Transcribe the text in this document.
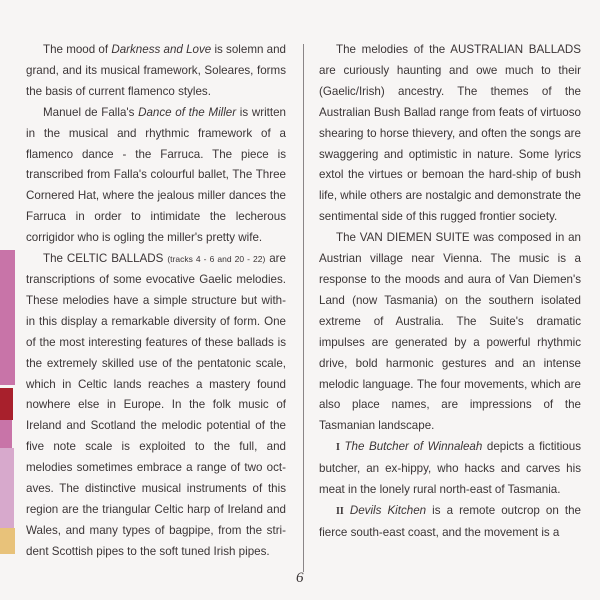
The mood of Darkness and Love is solemn and grand, and its musical framework, Soleares, forms the basis of current flamenco styles.

Manuel de Falla's Dance of the Miller is written in the musical and rhythmic framework of a flamenco dance - the Farruca. The piece is transcribed from Falla's colourful ballet, The Three Cornered Hat, where the jealous miller dances the Farruca in order to intimidate the lecherous corrigidor who is ogling the miller's pretty wife.

The CELTIC BALLADS (tracks 4 - 6 and 20 - 22) are transcriptions of some evocative Gaelic melodies. These melodies have a simple structure but with-in this display a remarkable diversity of form. One of the most interesting features of these ballads is the extremely skilled use of the pentatonic scale, which in Celtic lands reaches a mastery found nowhere else in Europe. In the folk music of Ireland and Scotland the melodic potential of the five note scale is exploited to the full, and melodies sometimes embrace a range of two oct-aves. The distinctive musical instruments of this region are the triangular Celtic harp of Ireland and Wales, and many types of bagpipe, from the stri-dent Scottish pipes to the soft tuned Irish pipes.

The melodies of the AUSTRALIAN BALLADS are curiously haunting and owe much to their (Gaelic/Irish) ancestry. The themes of the Australian Bush Ballad range from feats of virtuoso shearing to horse thievery, and often the songs are swaggering and optimistic in nature. Some lyrics extol the virtues or bemoan the hard-ship of bush life, while others are nostalgic and demonstrate the sentimental side of this rugged frontier society.

The VAN DIEMEN SUITE was composed in an Austrian village near Vienna. The music is a response to the moods and aura of Van Diemen's Land (now Tasmania) on the southern isolated extreme of Australia. The Suite's dramatic impulses are generated by a powerful rhythmic drive, bold harmonic gestures and an intense melodic language. The four movements, which are also place names, are impressions of the Tasmanian landscape.

I The Butcher of Winnaleah depicts a fictitious butcher, an ex-hippy, who hacks and carves his meat in the lonely rural north-east of Tasmania.

II Devils Kitchen is a remote outcrop on the fierce south-east coast, and the movement is a

6
